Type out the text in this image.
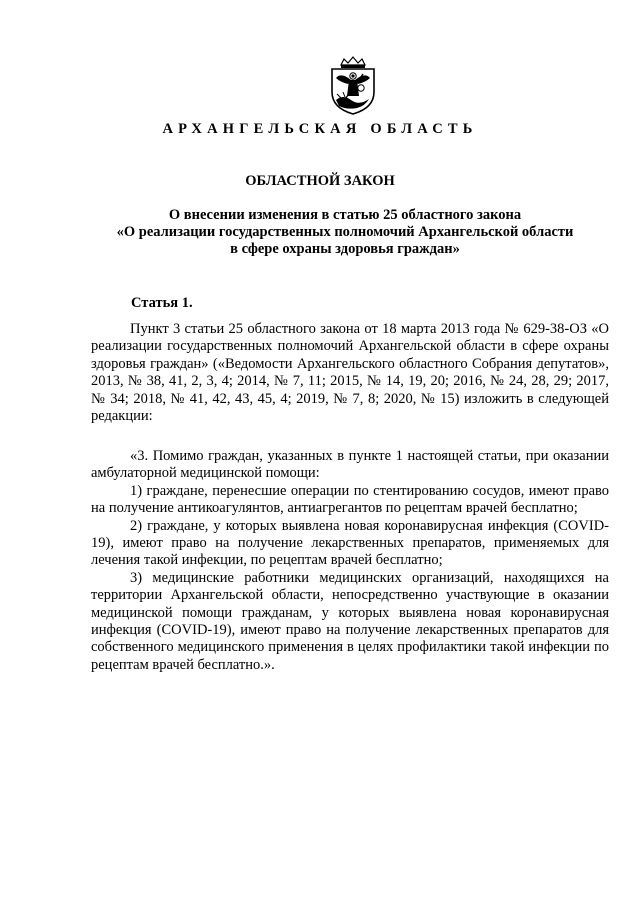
АРХАНГЕЛЬСКАЯ ОБЛАСТЬ
ОБЛАСТНОЙ ЗАКОН
О внесении изменения в статью 25 областного закона
«О реализации государственных полномочий Архангельской области
в сфере охраны здоровья граждан»
Статья 1.

Пункт 3 статьи 25 областного закона от 18 марта 2013 года № 629-38-ОЗ «О реализации государственных полномочий Архангельской области в сфере охраны здоровья граждан» («Ведомости Архангельского областного Собрания депутатов», 2013, № 38, 41, 2, 3, 4; 2014, № 7, 11; 2015, № 14, 19, 20; 2016, № 24, 28, 29; 2017, № 34; 2018, № 41, 42, 43, 45, 4; 2019, № 7, 8; 2020, № 15) изложить в следующей редакции:

«3. Помимо граждан, указанных в пункте 1 настоящей статьи, при оказании амбулаторной медицинской помощи:

1) граждане, перенесшие операции по стентированию сосудов, имеют право на получение антикоагулянтов, антиагрегантов по рецептам врачей бесплатно;

2) граждане, у которых выявлена новая коронавирусная инфекция (COVID-19), имеют право на получение лекарственных препаратов, применяемых для лечения такой инфекции, по рецептам врачей бесплатно;

3) медицинские работники медицинских организаций, находящихся на территории Архангельской области, непосредственно участвующие в оказании медицинской помощи гражданам, у которых выявлена новая коронавирусная инфекция (COVID-19), имеют право на получение лекарственных препаратов для собственного медицинского применения в целях профилактики такой инфекции по рецептам врачей бесплатно.».
